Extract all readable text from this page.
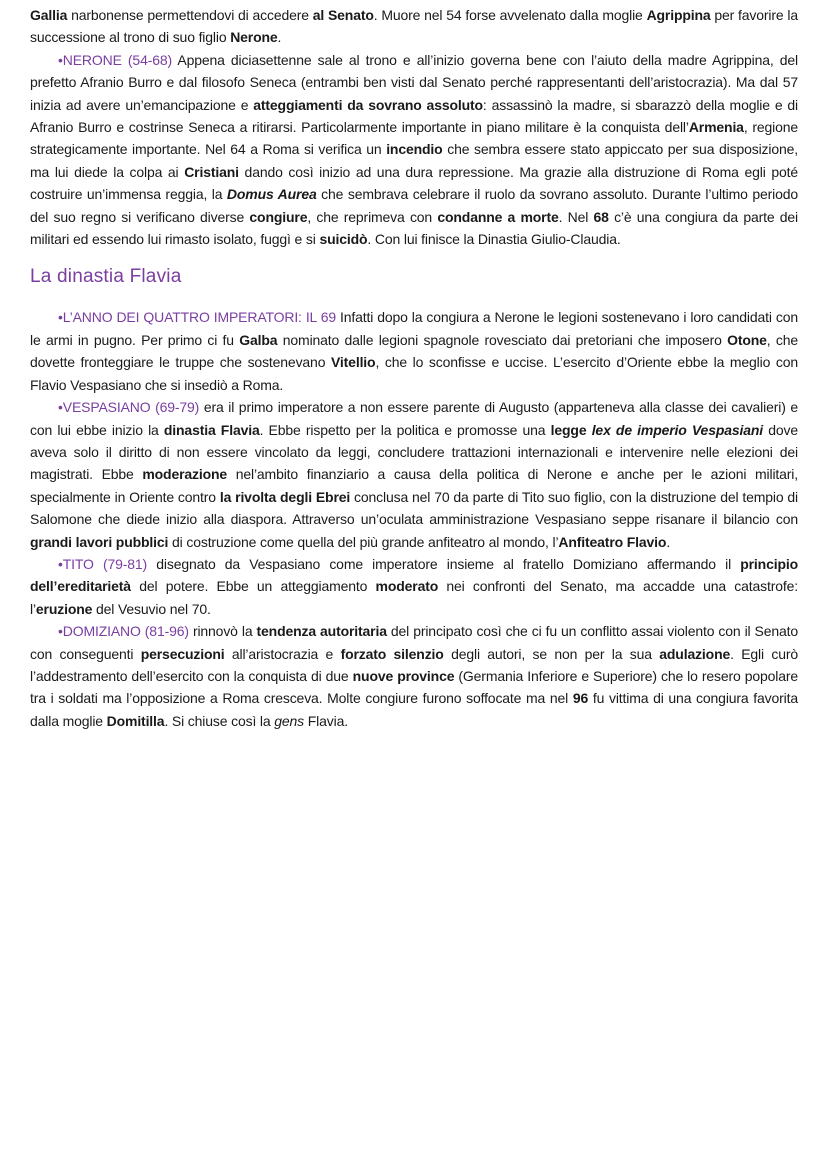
Gallia narbonense permettendovi di accedere al Senato. Muore nel 54 forse avvelenato dalla moglie Agrippina per favorire la successione al trono di suo figlio Nerone.

•NERONE (54-68) Appena diciasettenne sale al trono e all’inizio governa bene con l’aiuto della madre Agrippina, del prefetto Afranio Burro e dal filosofo Seneca (entrambi ben visti dal Senato perché rappresentanti dell’aristocrazia). Ma dal 57 inizia ad avere un’emancipazione e atteggiamenti da sovrano assoluto: assassinò la madre, si sbarazzò della moglie e di Afranio Burro e costrinse Seneca a ritirarsi. Particolarmente importante in piano militare è la conquista dell’Armenia, regione strategicamente importante. Nel 64 a Roma si verifica un incendio che sembra essere stato appiccato per sua disposizione, ma lui diede la colpa ai Cristiani dando così inizio ad una dura repressione. Ma grazie alla distruzione di Roma egli poté costruire un’immensa reggia, la Domus Aurea che sembrava celebrare il ruolo da sovrano assoluto. Durante l’ultimo periodo del suo regno si verificano diverse congiure, che reprimeva con condanne a morte. Nel 68 c’è una congiura da parte dei militari ed essendo lui rimasto isolato, fuggì e si suicidò. Con lui finisce la Dinastia Giulio-Claudia.

La dinastia Flavia

•L’ANNO DEI QUATTRO IMPERATORI: IL 69 Infatti dopo la congiura a Nerone le legioni sostenevano i loro candidati con le armi in pugno. Per primo ci fu Galba nominato dalle legioni spagnole rovesciato dai pretoriani che imposero Otone, che dovette fronteggiare le truppe che sostenevano Vitellio, che lo sconfisse e uccise. L’esercito d’Oriente ebbe la meglio con Flavio Vespasiano che si insediò a Roma.

•VESPASIANO (69-79) era il primo imperatore a non essere parente di Augusto (apparteneva alla classe dei cavalieri) e con lui ebbe inizio la dinastia Flavia. Ebbe rispetto per la politica e promosse una legge lex de imperio Vespasiani dove aveva solo il diritto di non essere vincolato da leggi, concludere trattazioni internazionali e intervenire nelle elezioni dei magistrati. Ebbe moderazione nel’ambito finanziario a causa della politica di Nerone e anche per le azioni militari, specialmente in Oriente contro la rivolta degli Ebrei conclusa nel 70 da parte di Tito suo figlio, con la distruzione del tempio di Salomone che diede inizio alla diaspora. Attraverso un’oculata amministrazione Vespasiano seppe risanare il bilancio con grandi lavori pubblici di costruzione come quella del più grande anfiteatro al mondo, l’Anfiteatro Flavio.

•TITO (79-81) disegnato da Vespasiano come imperatore insieme al fratello Domiziano affermando il principio dell’ereditarietà del potere. Ebbe un atteggiamento moderato nei confronti del Senato, ma accadde una catastrofe: l’eruzione del Vesuvio nel 70.

•DOMIZIANO (81-96) rinnovò la tendenza autoritaria del principato così che ci fu un conflitto assai violento con il Senato con conseguenti persecuzioni all’aristocrazia e forzato silenzio degli autori, se non per la sua adulazione. Egli curò l’addestramento dell’esercito con la conquista di due nuove province (Germania Inferiore e Superiore) che lo resero popolare tra i soldati ma l’opposizione a Roma cresceva. Molte congiure furono soffocate ma nel 96 fu vittima di una congiura favorita dalla moglie Domitilla. Si chiuse così la gens Flavia.
